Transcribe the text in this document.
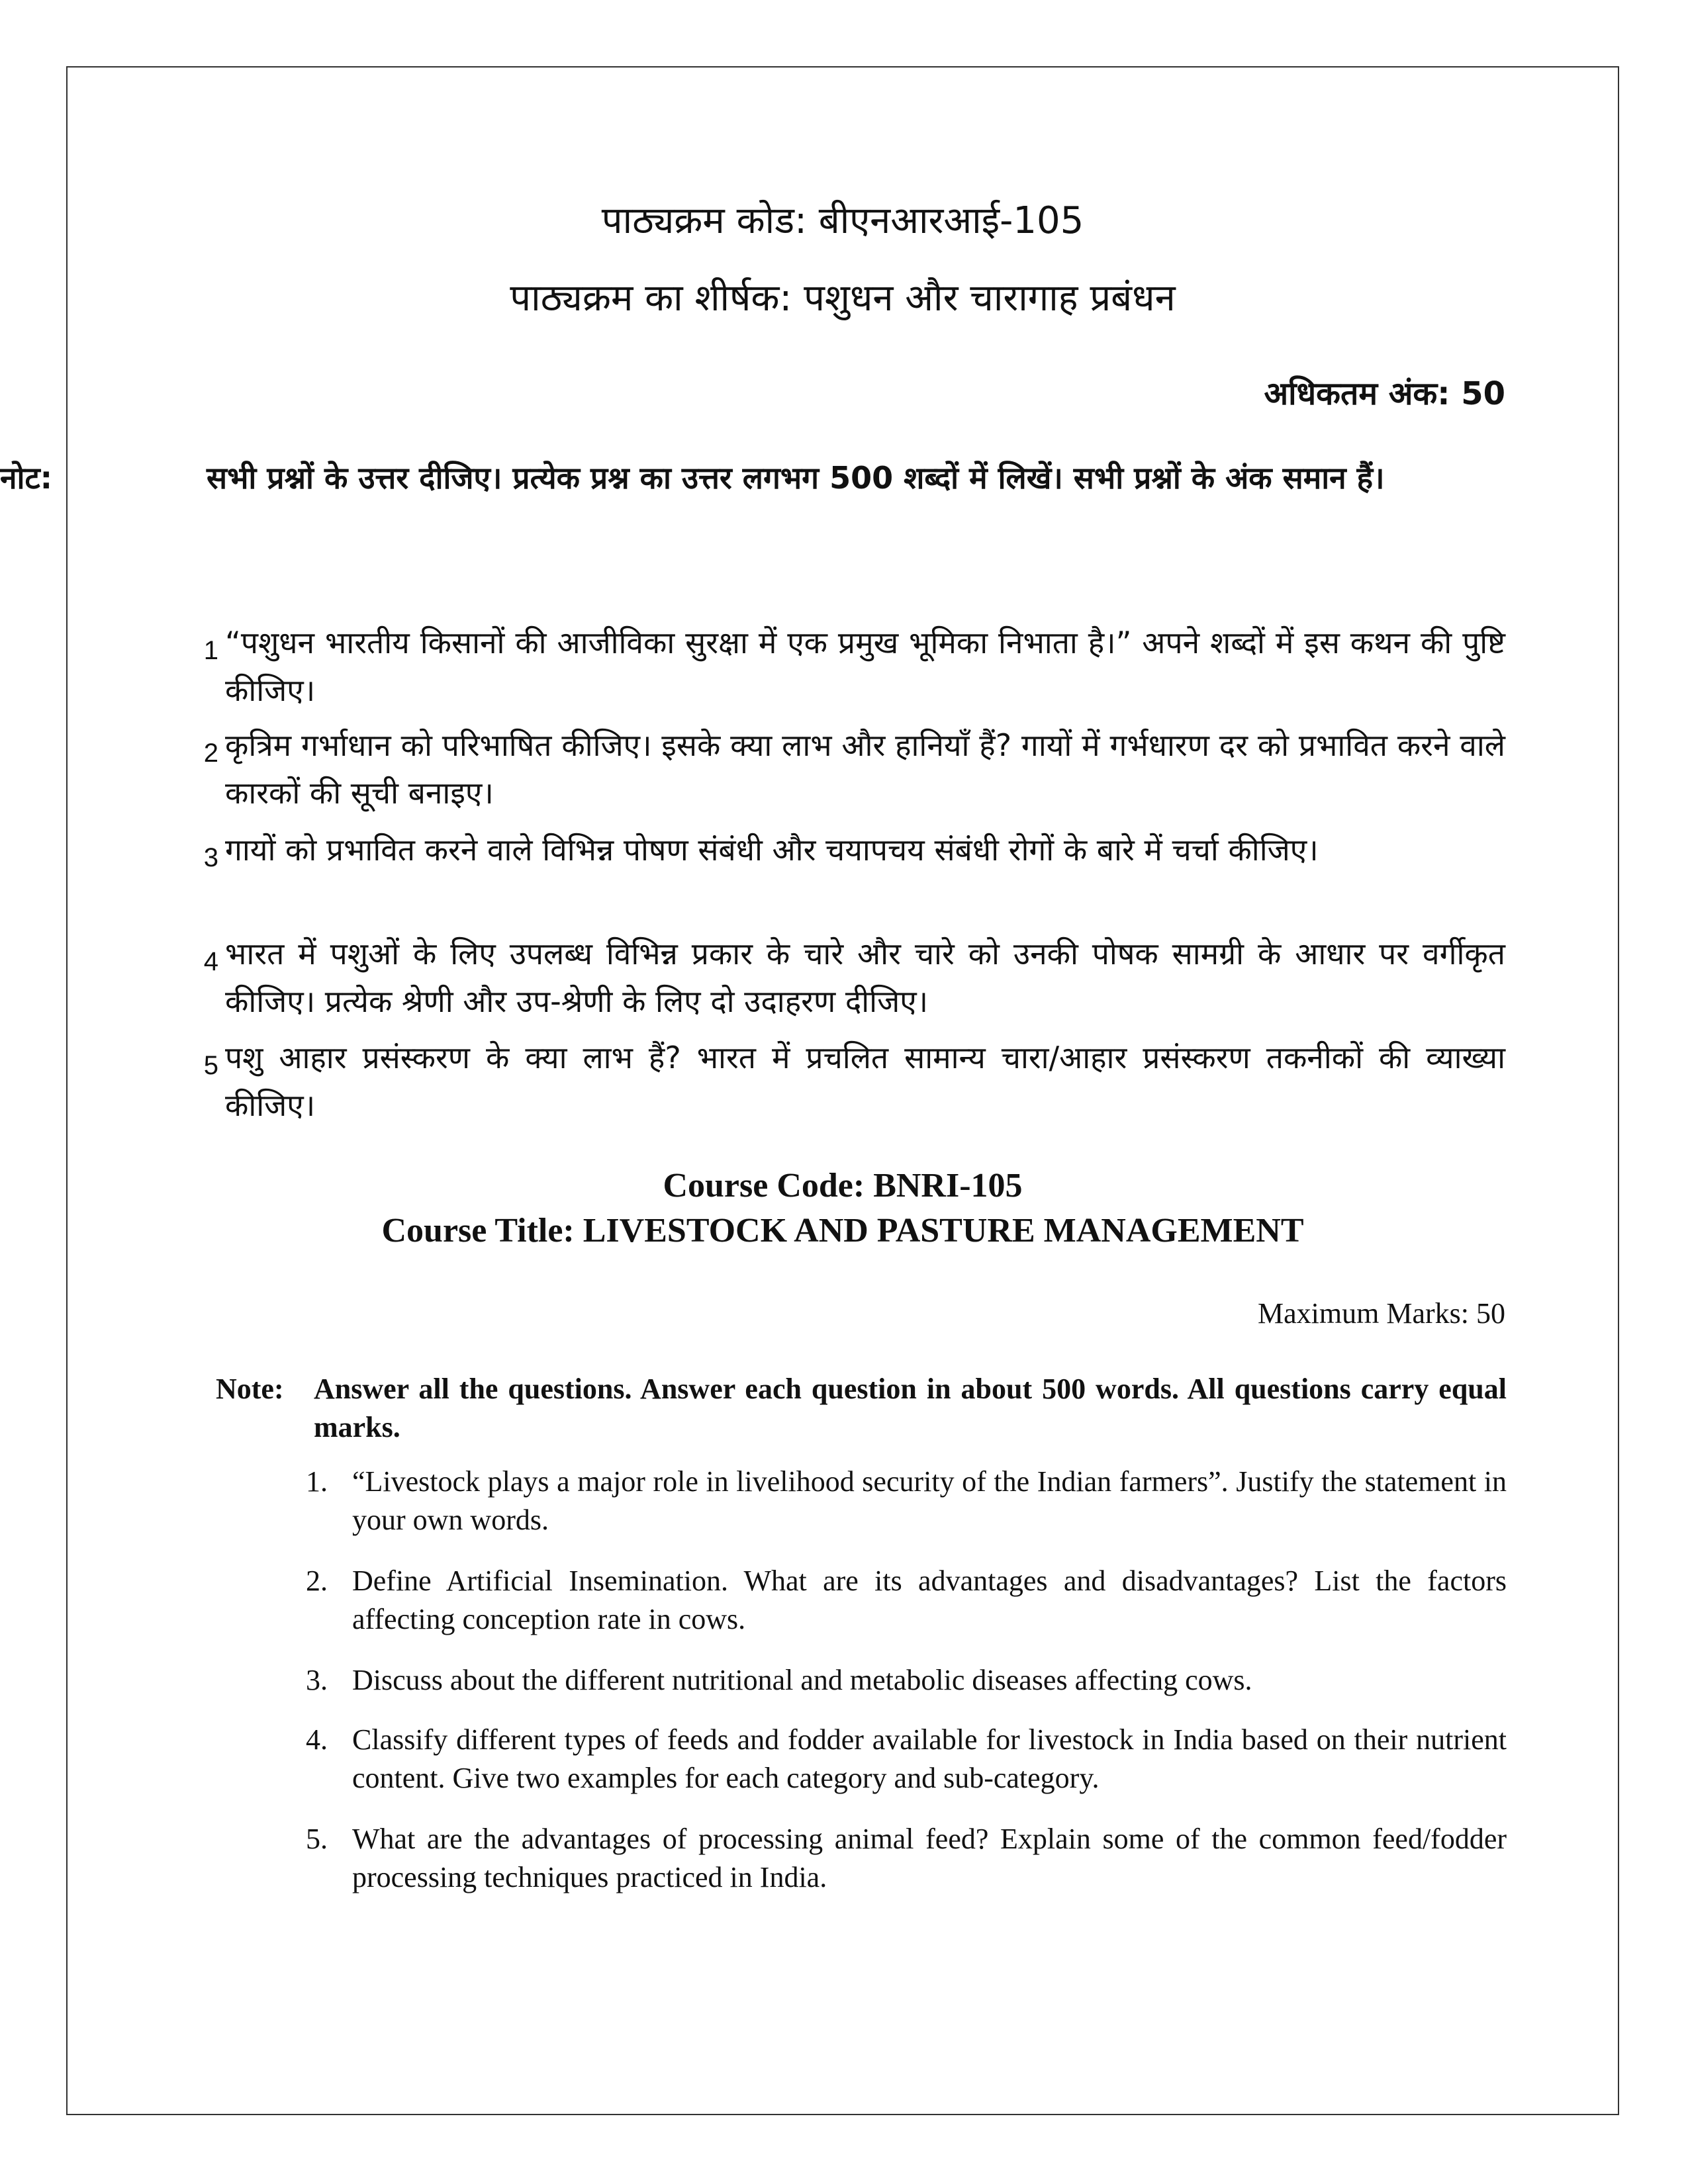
पाठ्यक्रम कोड: बीएनआरआई-105
पाठ्यक्रम का शीर्षक: पशुधन और चारागाह प्रबंधन
अधिकतम अंक: 50
नोट:	सभी प्रश्नों के उत्तर दीजिए। प्रत्येक प्रश्न का उत्तर लगभग 500 शब्दों में लिखें। सभी प्रश्नों के अंक समान हैं।
1 “पशुधन भारतीय किसानों की आजीविका सुरक्षा में एक प्रमुख भूमिका निभाता है।” अपने शब्दों में इस कथन की पुष्टि कीजिए।
2 कृत्रिम गर्भाधान को परिभाषित कीजिए। इसके क्या लाभ और हानियाँ हैं? गायों में गर्भधारण दर को प्रभावित करने वाले कारकों की सूची बनाइए।
3 गायों को प्रभावित करने वाले विभिन्न पोषण संबंधी और चयापचय संबंधी रोगों के बारे में चर्चा कीजिए।
4 भारत में पशुओं के लिए उपलब्ध विभिन्न प्रकार के चारे और चारे को उनकी पोषक सामग्री के आधार पर वर्गीकृत कीजिए। प्रत्येक श्रेणी और उप-श्रेणी के लिए दो उदाहरण दीजिए।
5 पशु आहार प्रसंस्करण के क्या लाभ हैं? भारत में प्रचलित सामान्य चारा/आहार प्रसंस्करण तकनीकों की व्याख्या कीजिए।
Course Code: BNRI-105
Course Title: LIVESTOCK AND PASTURE MANAGEMENT
Maximum Marks: 50
Note: Answer all the questions. Answer each question in about 500 words. All questions carry equal marks.
1. “Livestock plays a major role in livelihood security of the Indian farmers”. Justify the statement in your own words.
2. Define Artificial Insemination. What are its advantages and disadvantages? List the factors affecting conception rate in cows.
3. Discuss about the different nutritional and metabolic diseases affecting cows.
4. Classify different types of feeds and fodder available for livestock in India based on their nutrient content. Give two examples for each category and sub-category.
5. What are the advantages of processing animal feed? Explain some of the common feed/fodder processing techniques practiced in India.
